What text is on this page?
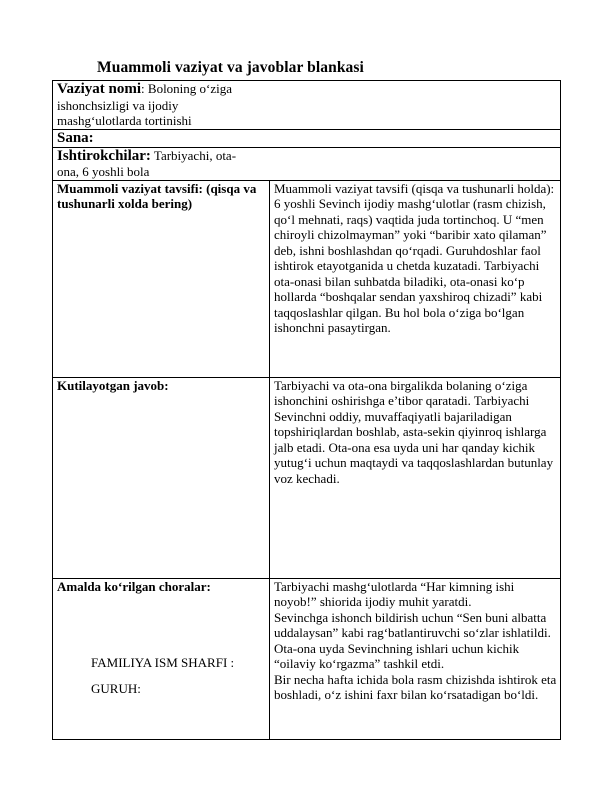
Muammoli vaziyat va javoblar blankasi
Vaziyat nomi: Boloning o‘ziga ishonchsizligi va ijodiy mashg‘ulotlarda tortinishi	

Sana:	

Ishtirokchilar: Tarbiyachi, ota-ona, 6 yoshli bola	

Muammoli vaziyat tavsifi: (qisqa va tushunarli xolda bering)	Muammoli vaziyat tavsifi (qisqa va tushunarli holda):
6 yoshli Sevinch ijodiy mashg‘ulotlar (rasm chizish, qo‘l mehnati, raqs) vaqtida juda tortinchoq. U “men chiroyli chizolmayman” yoki “baribir xato qilaman” deb, ishni boshlashdan qo‘rqadi. Guruhdoshlar faol ishtirok etayotganida u chetda kuzatadi. Tarbiyachi ota-onasi bilan suhbatda biladiki, ota-onasi ko‘p hollarda “boshqalar sendan yaxshiroq chizadi” kabi taqqoslashlar qilgan. Bu hol bola o‘ziga bo‘lgan ishonchni pasaytirgan.

Kutilayotgan javob:	Tarbiyachi va ota-ona birgalikda bolaning o‘ziga ishonchini oshirishga e’tibor qaratadi. Tarbiyachi Sevinchni oddiy, muvaffaqiyatli bajariladigan topshiriqlardan boshlab, asta-sekin qiyinroq ishlarga jalb etadi. Ota-ona esa uyda uni har qanday kichik yutug‘i uchun maqtaydi va taqqoslashlardan butunlay voz kechadi.

Amalda ko‘rilgan choralar:	Tarbiyachi mashg‘ulotlarda “Har kimning ishi noyob!” shiorida ijodiy muhit yaratdi.
Sevinchga ishonch bildirish uchun “Sen buni albatta uddalaysan” kabi rag‘batlantiruvchi so‘zlar ishlatildi.
Ota-ona uyda Sevinchning ishlari uchun kichik “oilaviy ko‘rgazma” tashkil etdi.
Bir necha hafta ichida bola rasm chizishda ishtirok eta boshladi, o‘z ishini faxr bilan ko‘rsatadigan bo‘ldi.
FAMILIYA ISM SHARFI :
GURUH:
